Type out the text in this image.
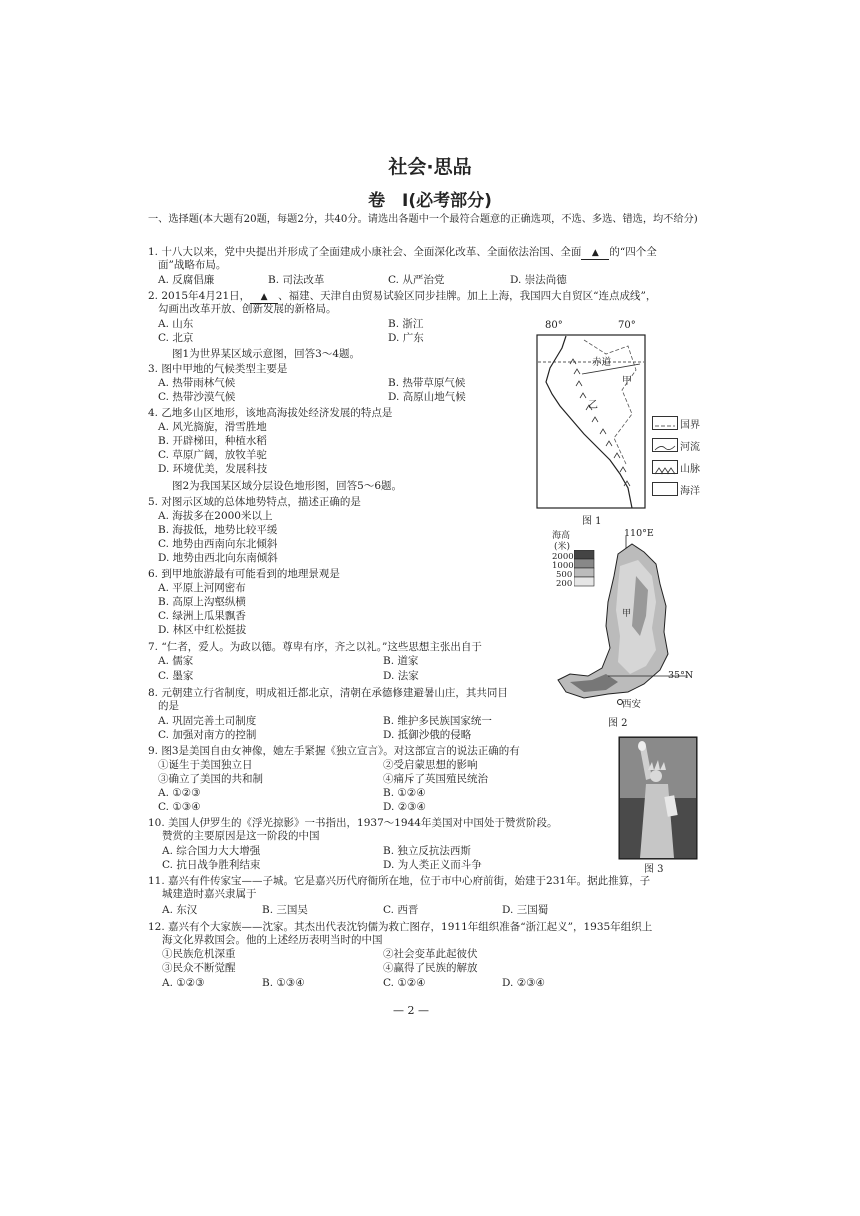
社会·思品
卷　Ⅰ(必考部分)
一、选择题(本大题有20题，每题2分，共40分。请选出各题中一个最符合题意的正确选项，不选、多选、错选，均不给分)
1. 十八大以来，党中央提出并形成了全面建成小康社会、全面深化改革、全面依法治国、全面 ▲ 的“四个全
面”战略布局。
A. 反腐倡廉	B. 司法改革	C. 从严治党	D. 崇法尚德
2. 2015年4月21日， ▲ 、福建、天津自由贸易试验区同步挂牌。加上上海，我国四大自贸区“连点成线”，
勾画出改革开放、创新发展的新格局。
A. 山东	B. 浙江
C. 北京	D. 广东
图1为世界某区域示意图，回答3～4题。
3. 图中甲地的气候类型主要是
A. 热带雨林气候	B. 热带草原气候
C. 热带沙漠气候	D. 高原山地气候
4. 乙地多山区地形，该地高海拔处经济发展的特点是
A. 风光旖旎，滑雪胜地
B. 开辟梯田，种植水稻
C. 草原广阔，放牧羊驼
D. 环境优美，发展科技
图2为我国某区域分层设色地形图，回答5～6题。
5. 对图示区域的总体地势特点，描述正确的是
A. 海拔多在2000米以上
B. 海拔低，地势比较平缓
C. 地势由西南向东北倾斜
D. 地势由西北向东南倾斜
6. 到甲地旅游最有可能看到的地理景观是
A. 平原上河网密布
B. 高原上沟壑纵横
C. 绿洲上瓜果飘香
D. 林区中红松挺拔
7. “仁者，爱人。为政以德。尊卑有序，齐之以礼。”这些思想主张出自于
A. 儒家	B. 道家
C. 墨家	D. 法家
8. 元朝建立行省制度，明成祖迁都北京，清朝在承德修建避暑山庄，其共同目
的是
A. 巩固完善土司制度	B. 维护多民族国家统一
C. 加强对南方的控制	D. 抵御沙俄的侵略
9. 图3是美国自由女神像，她左手紧握《独立宣言》。对这部宣言的说法正确的有
①诞生于美国独立日	②受启蒙思想的影响
③确立了美国的共和制	④痛斥了英国殖民统治
A. ①②③	B. ①②④
C. ①③④	D. ②③④
10. 美国人伊罗生的《浮光掠影》一书指出，1937～1944年美国对中国处于赞赏阶段。
赞赏的主要原因是这一阶段的中国
A. 综合国力大大增强	B. 独立反抗法西斯
C. 抗日战争胜利结束	D. 为人类正义而斗争
11. 嘉兴有件传家宝——子城。它是嘉兴历代府衙所在地，位于市中心府前街，始建于231年。据此推算，子
城建造时嘉兴隶属于
A. 东汉	B. 三国吴	C. 西晋	D. 三国蜀
12. 嘉兴有个大家族——沈家。其杰出代表沈钧儒为救亡图存，1911年组织准备“浙江起义”，1935年组织上
海文化界救国会。他的上述经历表明当时的中国
①民族危机深重	②社会变革此起彼伏
③民众不断觉醒	④赢得了民族的解放
A. ①②③	B. ①③④	C. ①②④	D. ②③④
— 2 —
80°	70°
赤道
甲
乙
图 1
国界
河流
山脉
海洋
海高
(米)
110°E
2000
1000
500
200
甲
35°N
西安
图 2
图 3
